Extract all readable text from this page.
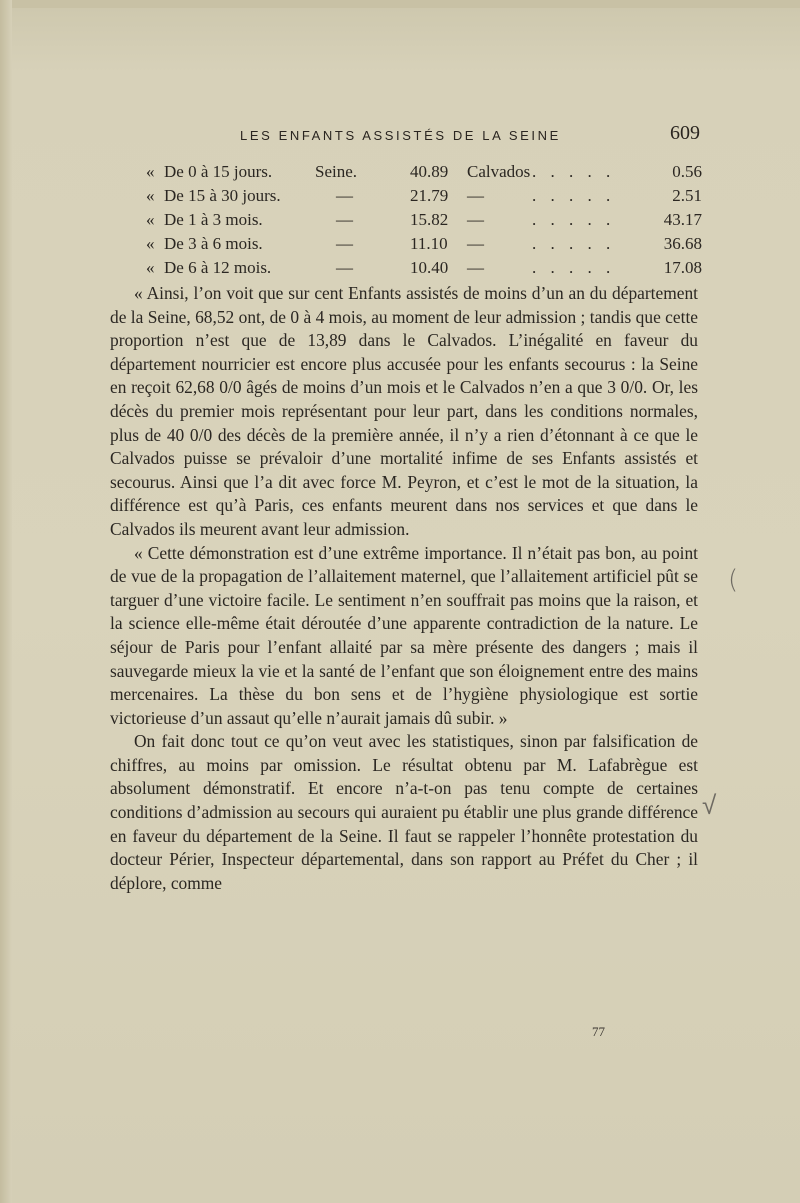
LES ENFANTS ASSISTÉS DE LA SEINE	609
« De 0 à 15 jours.	Seine.	40.89 Calvados . . . . .	0.56
« De 15 à 30 jours.	—	21.79 —	. . . . .	2.51
« De 1 à 3 mois.	—	15.82 —	. . . . .	43.17
« De 3 à 6 mois.	—	11.10 —	. . . . .	36.68
« De 6 à 12 mois.	—	10.40 —	. . . . .	17.08

« Ainsi, l’on voit que sur cent Enfants assistés de moins d’un an du département de la Seine, 68,52 ont, de 0 à 4 mois, au moment de leur admission ; tandis que cette proportion n’est que de 13,89 dans le Calvados. L’inégalité en faveur du département nourricier est encore plus accusée pour les enfants secourus : la Seine en reçoit 62,68 0/0 âgés de moins d’un mois et le Calvados n’en a que 3 0/0. Or, les décès du premier mois représentant pour leur part, dans les conditions normales, plus de 40 0/0 des décès de la première année, il n’y a rien d’étonnant à ce que le Calvados puisse se prévaloir d’une mortalité infime de ses Enfants assistés et secourus. Ainsi que l’a dit avec force M. Peyron, et c’est le mot de la situation, la différence est qu’à Paris, ces enfants meurent dans nos services et que dans le Calvados ils meurent avant leur admission.

« Cette démonstration est d’une extrême importance. Il n’était pas bon, au point de vue de la propagation de l’allaitement maternel, que l’allaitement artificiel pût se targuer d’une victoire facile. Le sentiment n’en souffrait pas moins que la raison, et la science elle-même était déroutée d’une apparente contradiction de la nature. Le séjour de Paris pour l’enfant allaité par sa mère présente des dangers ; mais il sauvegarde mieux la vie et la santé de l’enfant que son éloignement entre des mains mercenaires. La thèse du bon sens et de l’hygiène physiologique est sortie victorieuse d’un assaut qu’elle n’aurait jamais dû subir. »

On fait donc tout ce qu’on veut avec les statistiques, sinon par falsification de chiffres, au moins par omission. Le résultat obtenu par M. Lafabrègue est absolument démonstratif. Et encore n’a-t-on pas tenu compte de certaines conditions d’admission au secours qui auraient pu établir une plus grande différence en faveur du département de la Seine. Il faut se rappeler l’honnête protestation du docteur Périer, Inspecteur départemental, dans son rapport au Préfet du Cher ; il déplore, comme

77
(
√
